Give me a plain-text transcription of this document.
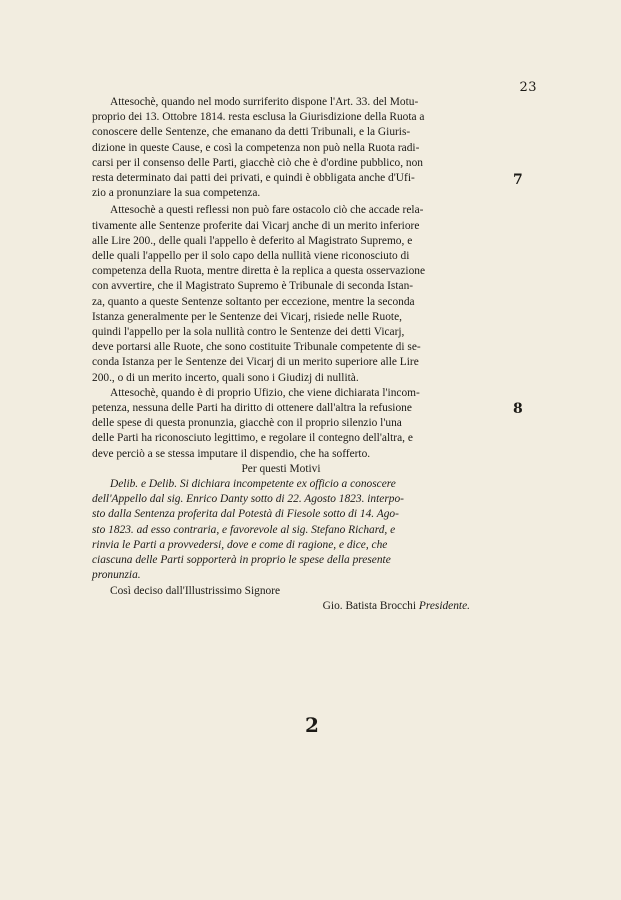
23

Attesochè, quando nel modo surriferito dispone l'Art. 33. del Motu-

proprio dei 13. Ottobre 1814. resta esclusa la Giurisdizione della Ruota a

conoscere delle Sentenze, che emanano da detti Tribunali, e la Giuris-

dizione in queste Cause, e così la competenza non può nella Ruota radi-

carsi per il consenso delle Parti, giacchè ciò che è d'ordine pubblico, non

resta determinato dai patti dei privati, e quindi è obbligata anche d'Ufi-

zio a pronunziare la sua competenza.

Attesochè a questi reflessi non può fare ostacolo ciò che accade rela-

tivamente alle Sentenze proferite dai Vicarj anche di un merito inferiore

alle Lire 200., delle quali l'appello è deferito al Magistrato Supremo, e

delle quali l'appello per il solo capo della nullità viene riconosciuto di

competenza della Ruota, mentre diretta è la replica a questa osservazione

con avvertire, che il Magistrato Supremo è Tribunale di seconda Istan-

za, quanto a queste Sentenze soltanto per eccezione, mentre la seconda

Istanza generalmente per le Sentenze dei Vicarj, risiede nelle Ruote,

quindi l'appello per la sola nullità contro le Sentenze dei detti Vicarj,

deve portarsi alle Ruote, che sono costituite Tribunale competente di se-

conda Istanza per le Sentenze dei Vicarj di un merito superiore alle Lire

200., o di un merito incerto, quali sono i Giudizj di nullità.

Attesochè, quando è di proprio Ufizio, che viene dichiarata l'incom-

petenza, nessuna delle Parti ha diritto di ottenere dall'altra la refusione

delle spese di questa pronunzia, giacchè con il proprio silenzio l'una

delle Parti ha riconosciuto legittimo, e regolare il contegno dell'altra, e

deve perciò a se stessa imputare il dispendio, che ha sofferto.

Per questi Motivi

Delib. e Delib. Si dichiara incompetente ex officio a conoscere

dell'Appello dal sig. Enrico Danty sotto di 22. Agosto 1823. interpo-

sto dalla Sentenza proferita dal Potestà di Fiesole sotto di 14. Ago-

sto 1823. ad esso contraria, e favorevole al sig. Stefano Richard, e

rinvia le Parti a provvedersi, dove e come di ragione, e dice, che

ciascuna delle Parti sopporterà in proprio le spese della presente

pronunzia.

Così deciso dall'Illustrissimo Signore

Gio. Batista Brocchi Presidente.

7
8
2
